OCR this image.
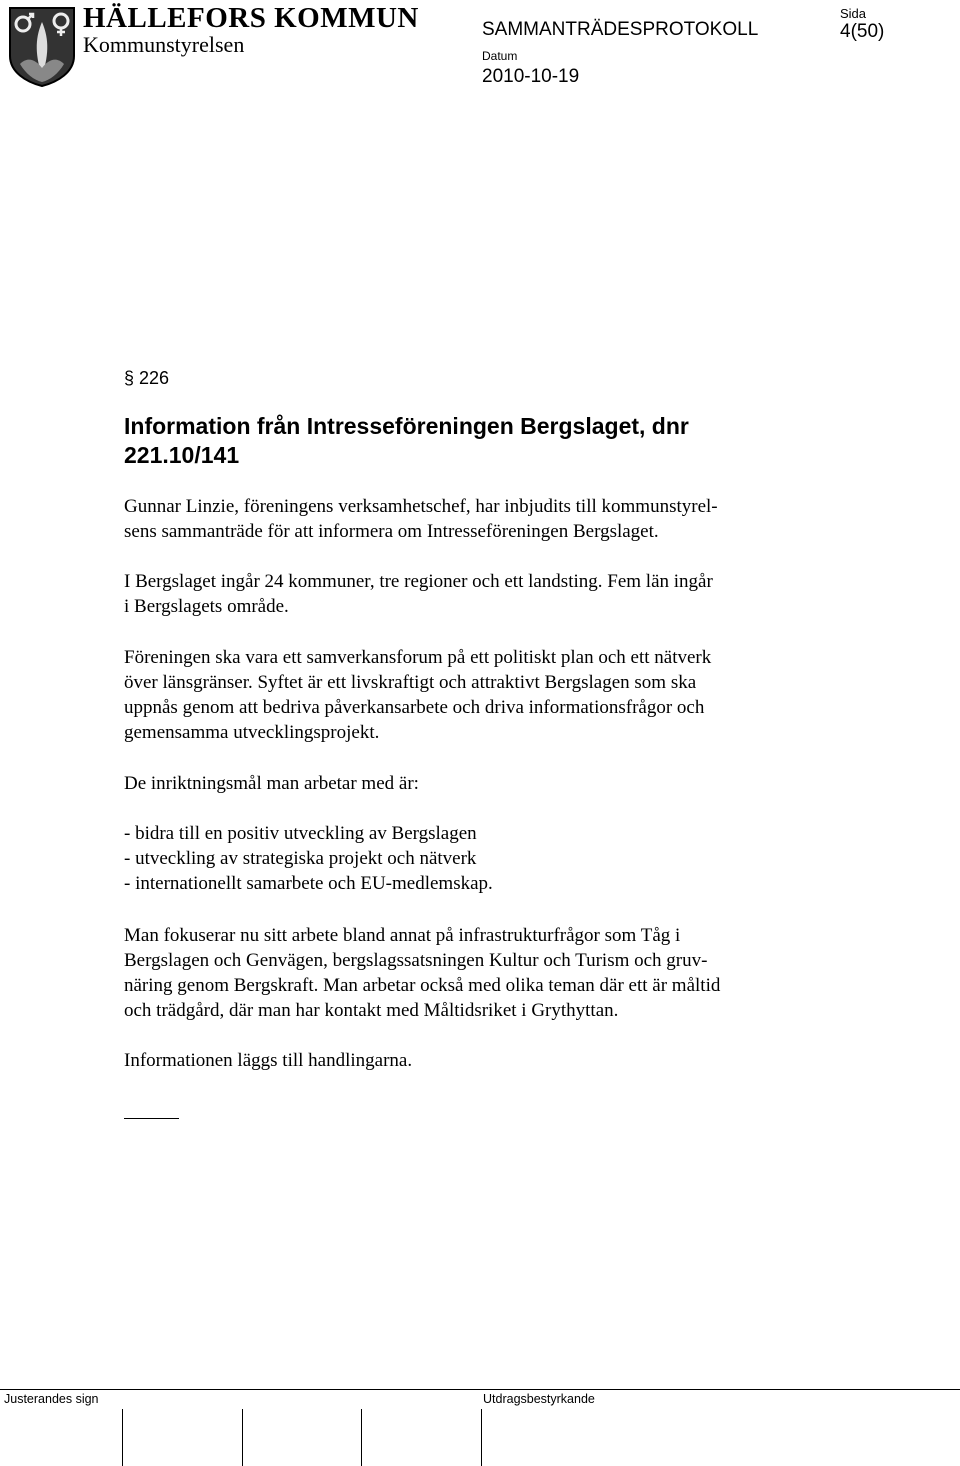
HÄLLEFORS KOMMUN
Kommunstyrelsen
SAMMANTRÄDESPROTOKOLL
Sida
4(50)
Datum
2010-10-19
§ 226
Information från Intresseföreningen Bergslaget, dnr
221.10/141
Gunnar Linzie, föreningens verksamhetschef, har inbjudits till kommunstyrel-
sens sammanträde för att informera om Intresseföreningen Bergslaget.
I Bergslaget ingår 24 kommuner, tre regioner och ett landsting. Fem län ingår
i Bergslagets område.
Föreningen ska vara ett samverkansforum på ett politiskt plan och ett nätverk
över länsgränser. Syftet är ett livskraftigt och attraktivt Bergslagen som ska
uppnås genom att bedriva påverkansarbete och driva informationsfrågor och
gemensamma utvecklingsprojekt.
De inriktningsmål man arbetar med är:
- bidra till en positiv utveckling av Bergslagen
- utveckling av strategiska projekt och nätverk
- internationellt samarbete och EU-medlemskap.
Man fokuserar nu sitt arbete bland annat på infrastrukturfrågor som Tåg i
Bergslagen och Genvägen, bergslagssatsningen Kultur och Turism och gruv-
näring genom Bergskraft. Man arbetar också med olika teman där ett är måltid
och trädgård, där man har kontakt med Måltidsriket i Grythyttan.
Informationen läggs till handlingarna.
Justerandes sign	Utdragsbestyrkande
